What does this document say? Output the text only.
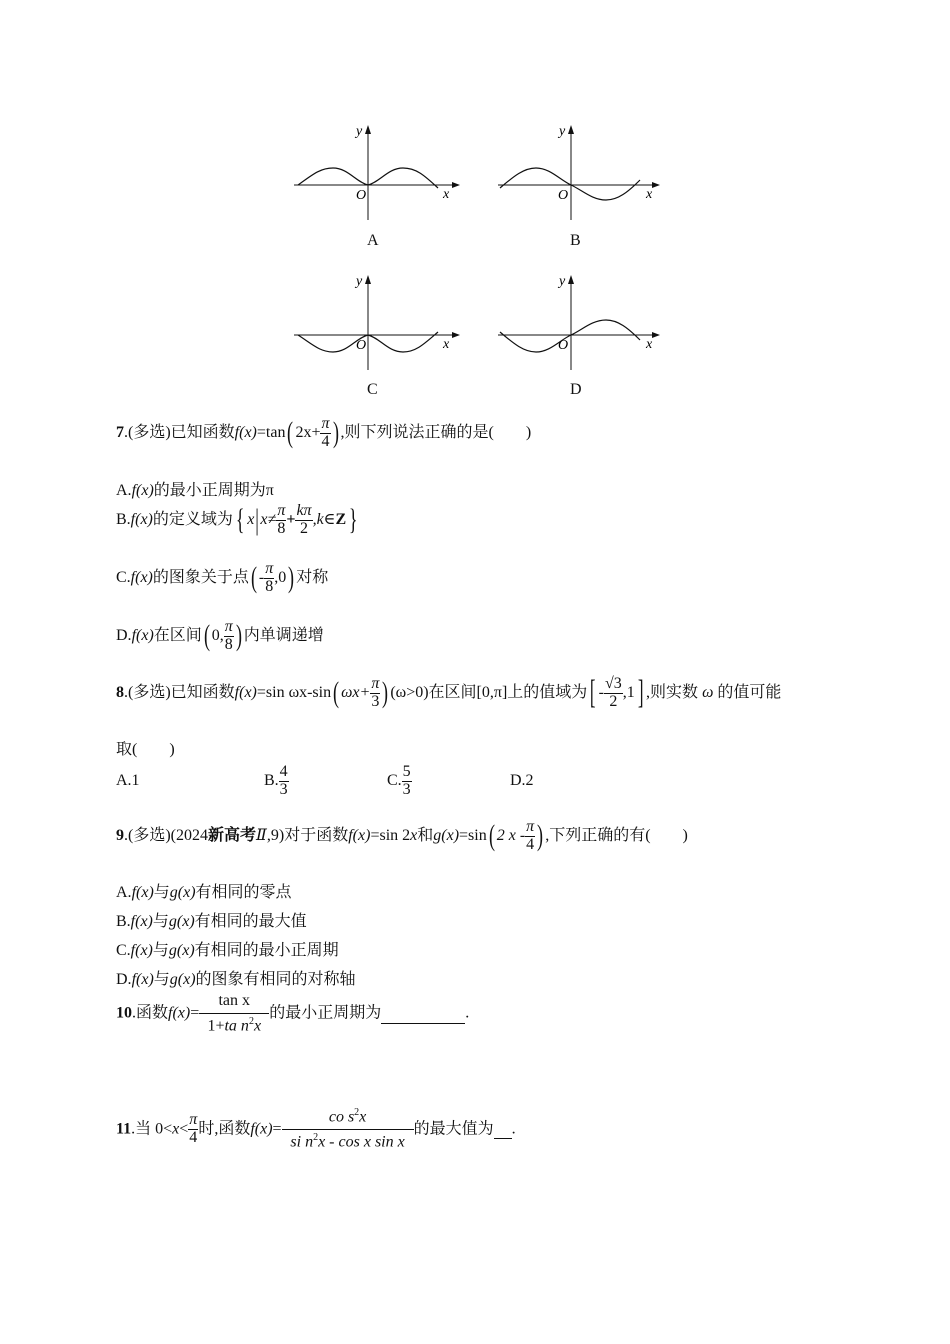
y
x
O
A
y
x
O
B
y
x
O
C
y
x
O
D
7.(多选)已知函数f(x)=tan( $2x+ \frac{\pi}{4}$ ) ,则下列说法正确的是(　　)
A.f(x)的最小正周期为π
B.f(x)的定义域为{ $x|x\ne \frac{\pi}{8} + \frac{k\pi}{2}$ ,k∈Z}
C.f(x)的图象关于点( - $\frac{\pi}{8} ,0$) 对称
D.f(x)在区间( 0, $\frac{\pi}{8}$ ) 内单调递增
8.(多选)已知函数f(x)=sin ωx-sin( $\omega x+ \frac{\pi}{3}$ ) (ω>0)在区间[0,π]上的值域为[ - $\frac{√3}{2} ,1$] ,则实数 ω 的值可能
取(　　)
A.1	B. $\frac{4}{3}$	C. $\frac{5}{3}$	D.2
9.(多选)(2024新高考Ⅱ,9)对于函数f(x)=sin 2x和g(x)=sin( 2 x - $\frac{\pi}{4}$ ) ,下列正确的有(　　)
A.f(x)与g(x)有相同的零点
B.f(x)与g(x)有相同的最大值
C.f(x)与g(x)有相同的最小正周期
D.f(x)与g(x)的图象有相同的对称轴
10.函数$f(x)= \frac{\text{tan x}}{1+ta n^2x}$ 的最小正周期为	.
11.当 $0<x< \frac{\pi}{4}$ 时,函数$f(x)= \frac{co s^2x}{si n^2x - \cos x \sin x}$ 的最大值为 .
